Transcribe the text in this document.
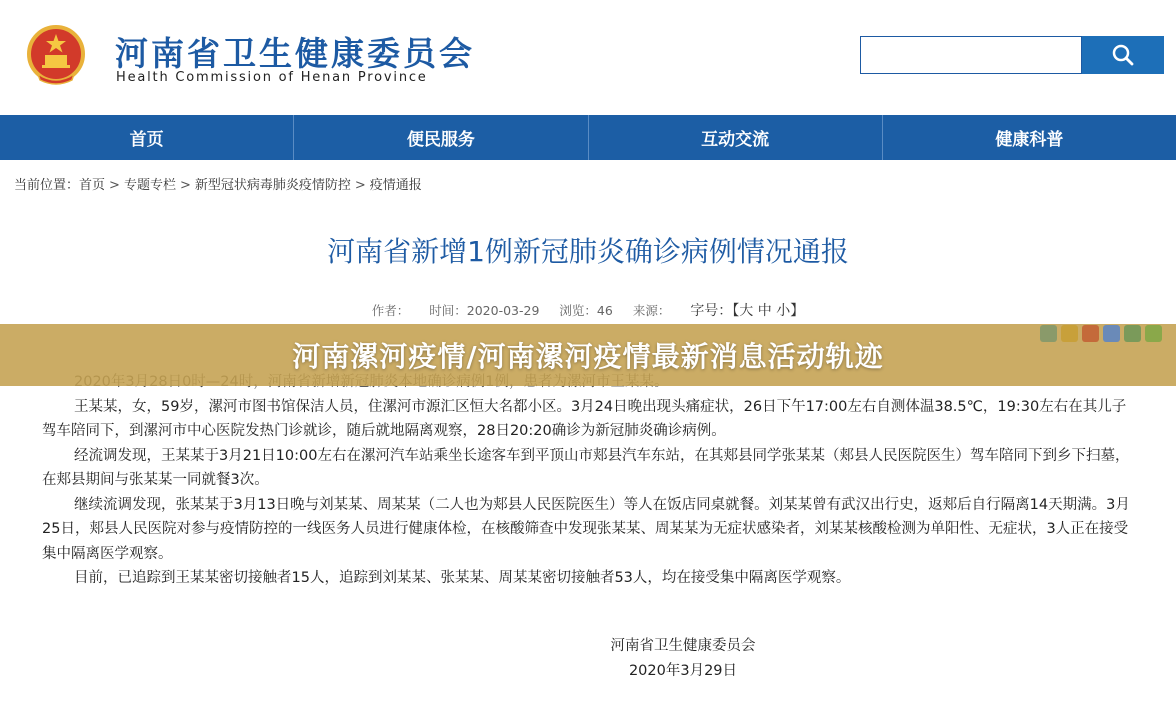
河南省卫生健康委员会
Health Commission of Henan Province
首页	便民服务	互动交流	健康科普
当前位置：首页 > 专题专栏 > 新型冠状病毒肺炎疫情防控 > 疫情通报
河南省新增1例新冠肺炎确诊病例情况通报
作者： 时间：2020-03-29 浏览：46 来源： 字号：【大 中 小】

王某某，女，59岁，漯河市图书馆保洁人员，住漯河市源汇区恒大名都小区。3月24日晚出现头痛症状，26日下午17:00左右自测体温38.5℃，19:30左右在其儿子驾车陪同下，到漯河市中心医院发热门诊就诊，随后就地隔离观察，28日20:20确诊为新冠肺炎确诊病例。

经流调发现，王某某于3月21日10:00左右在漯河汽车站乘坐长途客车到平顶山市郏县汽车东站，在其郏县同学张某某（郏县人民医院医生）驾车陪同下到乡下扫墓，在郏县期间与张某某一同就餐3次。

继续流调发现，张某某于3月13日晚与刘某某、周某某（二人也为郏县人民医院医生）等人在饭店同桌就餐。刘某某曾有武汉出行史，返郏后自行隔离14天期满。3月25日，郏县人民医院对参与疫情防控的一线医务人员进行健康体检，在核酸筛查中发现张某某、周某某为无症状感染者，刘某某核酸检测为单阳性、无症状，3人正在接受集中隔离医学观察。

目前，已追踪到王某某密切接触者15人，追踪到刘某某、张某某、周某某密切接触者53人，均在接受集中隔离医学观察。

河南漯河疫情/河南漯河疫情最新消息活动轨迹
河南省卫生健康委员会
2020年3月29日
